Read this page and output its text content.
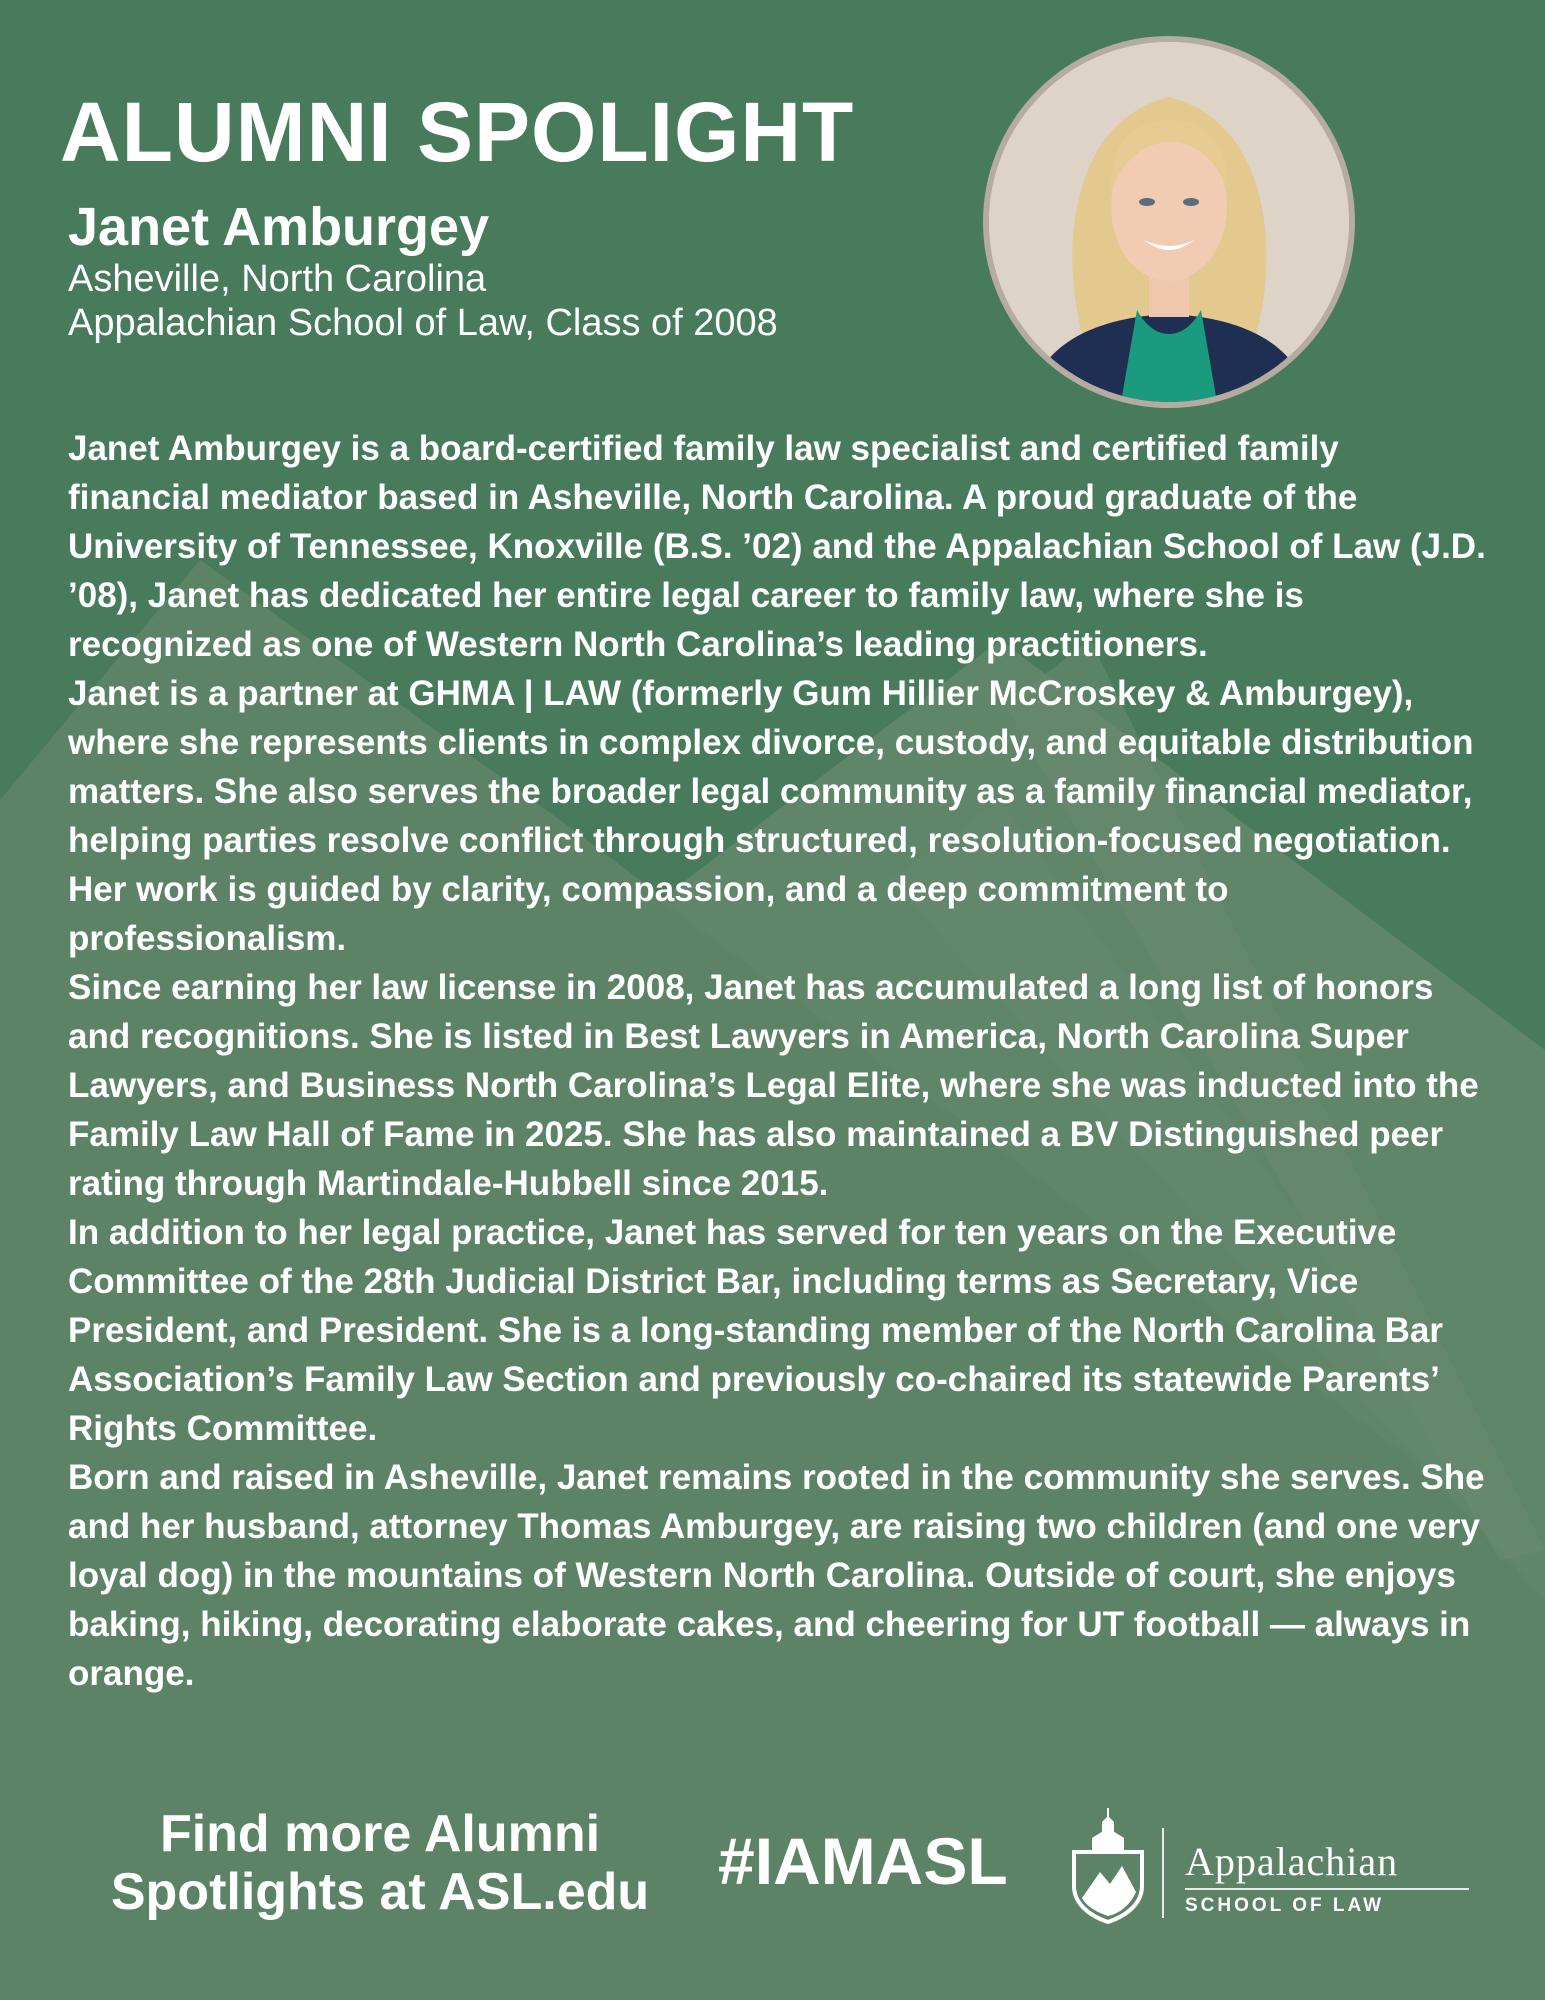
ALUMNI SPOLIGHT
Janet Amburgey

Asheville, North Carolina

Appalachian School of Law, Class of 2008

Janet Amburgey is a board-certified family law specialist and certified family financial mediator based in Asheville, North Carolina. A proud graduate of the University of Tennessee, Knoxville (B.S. ’02) and the Appalachian School of Law (J.D. ’08), Janet has dedicated her entire legal career to family law, where she is recognized as one of Western North Carolina’s leading practitioners.

Janet is a partner at GHMA | LAW (formerly Gum Hillier McCroskey & Amburgey), where she represents clients in complex divorce, custody, and equitable distribution matters. She also serves the broader legal community as a family financial mediator, helping parties resolve conflict through structured, resolution-focused negotiation. Her work is guided by clarity, compassion, and a deep commitment to professionalism.

Since earning her law license in 2008, Janet has accumulated a long list of honors and recognitions. She is listed in Best Lawyers in America, North Carolina Super Lawyers, and Business North Carolina’s Legal Elite, where she was inducted into the Family Law Hall of Fame in 2025. She has also maintained a BV Distinguished peer rating through Martindale-Hubbell since 2015.

In addition to her legal practice, Janet has served for ten years on the Executive Committee of the 28th Judicial District Bar, including terms as Secretary, Vice President, and President. She is a long-standing member of the North Carolina Bar Association’s Family Law Section and previously co-chaired its statewide Parents’ Rights Committee.

Born and raised in Asheville, Janet remains rooted in the community she serves. She and her husband, attorney Thomas Amburgey, are raising two children (and one very loyal dog) in the mountains of Western North Carolina. Outside of court, she enjoys baking, hiking, decorating elaborate cakes, and cheering for UT football — always in orange.

Find more Alumni
Spotlights at ASL.edu	#IAMASL	Appalachian
SCHOOL OF LAW
